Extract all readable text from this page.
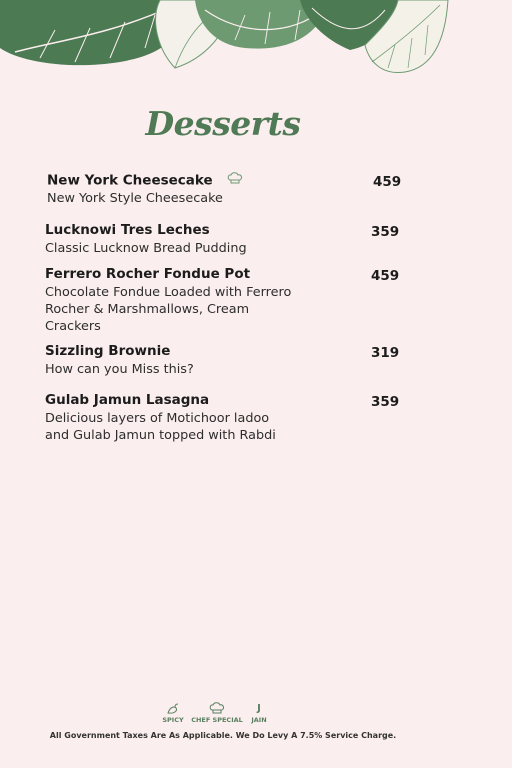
Desserts
New York Cheesecake
New York Style Cheesecake
459
Lucknowi Tres Leches
Classic Lucknow Bread Pudding
359
Ferrero Rocher Fondue Pot
Chocolate Fondue Loaded with Ferrero Rocher & Marshmallows, Cream Crackers
459
Sizzling Brownie
How can you Miss this?
319
Gulab Jamun Lasagna
Delicious layers of Motichoor ladoo and Gulab Jamun topped with Rabdi
359
SPICY	CHEF SPECIAL
J
JAIN
All Government Taxes Are As Applicable. We Do Levy A 7.5% Service Charge.
